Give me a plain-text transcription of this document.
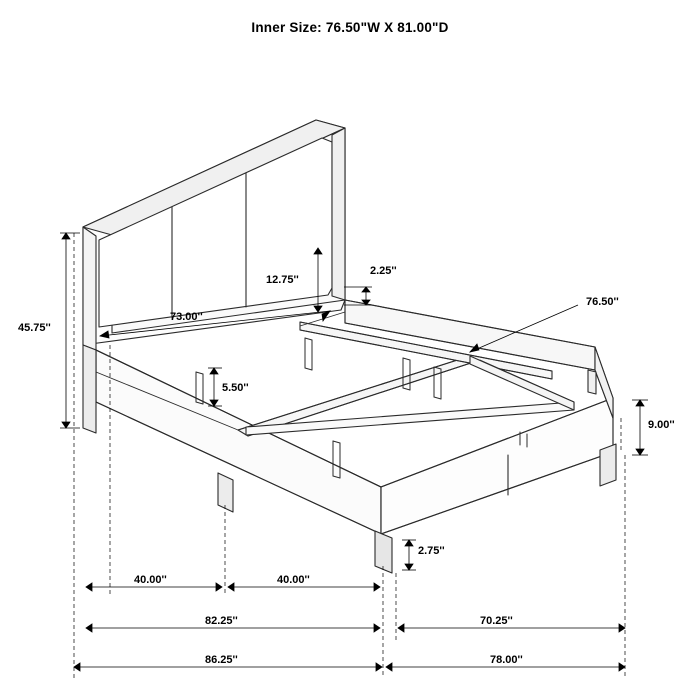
Inner Size: 76.50"W X 81.00"D
45.75''
73.00''
12.75''
2.25''
76.50''
5.50''
9.00''
2.75''
40.00''	40.00''
82.25''	70.25''
86.25''	78.00''
